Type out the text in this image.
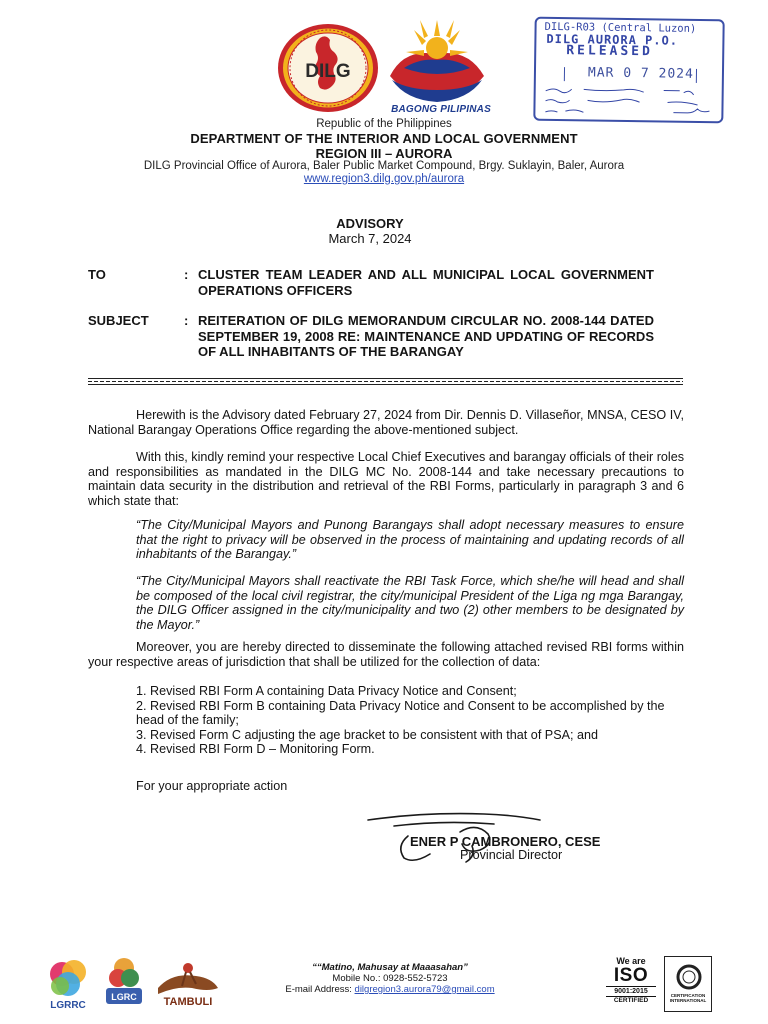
DILG
BAGONG PILIPINAS
DILG-R03 (Central Luzon)
DILG AURORA P.O.
RELEASED
MAR 0 7 2024
Republic of the Philippines
DEPARTMENT OF THE INTERIOR AND LOCAL GOVERNMENT
REGION III – AURORA
DILG Provincial Office of Aurora, Baler Public Market Compound, Brgy. Suklayin, Baler, Aurora
www.region3.dilg.gov.ph/aurora
ADVISORY
March 7, 2024
TO	: CLUSTER TEAM LEADER AND ALL MUNICIPAL LOCAL GOVERNMENT OPERATIONS OFFICERS
SUBJECT	: REITERATION OF DILG MEMORANDUM CIRCULAR NO. 2008-144 DATED SEPTEMBER 19, 2008 RE: MAINTENANCE AND UPDATING OF RECORDS OF ALL INHABITANTS OF THE BARANGAY

Herewith is the Advisory dated February 27, 2024 from Dir. Dennis D. Villaseñor, MNSA, CESO IV, National Barangay Operations Office regarding the above-mentioned subject.

With this, kindly remind your respective Local Chief Executives and barangay officials of their roles and responsibilities as mandated in the DILG MC No. 2008-144 and take necessary precautions to maintain data security in the distribution and retrieval of the RBI Forms, particularly in paragraph 3 and 6 which state that:

“The City/Municipal Mayors and Punong Barangays shall adopt necessary measures to ensure that the right to privacy will be observed in the process of maintaining and updating records of all inhabitants of the Barangay.”

“The City/Municipal Mayors shall reactivate the RBI Task Force, which she/he will head and shall be composed of the local civil registrar, the city/municipal President of the Liga ng mga Barangay, the DILG Officer assigned in the city/municipality and two (2) other members to be designated by the Mayor.”

Moreover, you are hereby directed to disseminate the following attached revised RBI forms within your respective areas of jurisdiction that shall be utilized for the collection of data:

1. Revised RBI Form A containing Data Privacy Notice and Consent;
2. Revised RBI Form B containing Data Privacy Notice and Consent to be accomplished by the head of the family;
3. Revised Form C adjusting the age bracket to be consistent with that of PSA; and
4. Revised RBI Form D – Monitoring Form.
For your appropriate action
ENER P CAMBRONERO, CESE
Provincial Director
LGRRC
LGRC TAMBULI
““Matino, Mahusay at Maaasahan”
Mobile No.: 0928-552-5723
E-mail Address: dilgregion3.aurora79@gmail.com
We are
ISO
9001:2015
CERTIFIED
CERTIFICATION INTERNATIONAL
